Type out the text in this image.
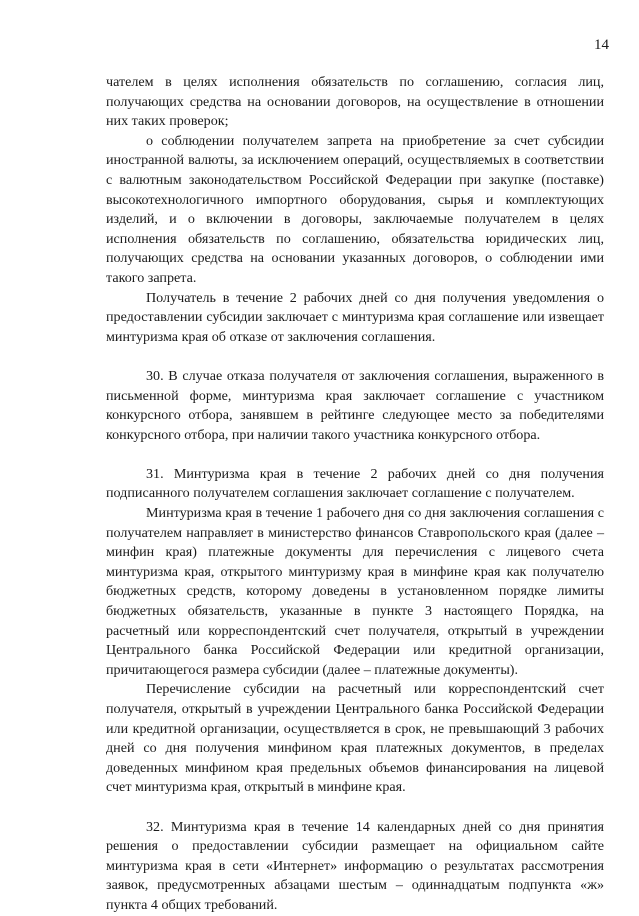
14

чателем в целях исполнения обязательств по соглашению, согласия лиц, получающих средства на основании договоров, на осуществление в отношении них таких проверок;

о соблюдении получателем запрета на приобретение за счет субсидии иностранной валюты, за исключением операций, осуществляемых в соответствии с валютным законодательством Российской Федерации при закупке (поставке) высокотехнологичного импортного оборудования, сырья и комплектующих изделий, и о включении в договоры, заключаемые получателем в целях исполнения обязательств по соглашению, обязательства юридических лиц, получающих средства на основании указанных договоров, о соблюдении ими такого запрета.

Получатель в течение 2 рабочих дней со дня получения уведомления о предоставлении субсидии заключает с минтуризма края соглашение или извещает минтуризма края об отказе от заключения соглашения.

30. В случае отказа получателя от заключения соглашения, выраженного в письменной форме, минтуризма края заключает соглашение с участником конкурсного отбора, занявшем в рейтинге следующее место за победителями конкурсного отбора, при наличии такого участника конкурсного отбора.

31. Минтуризма края в течение 2 рабочих дней со дня получения подписанного получателем соглашения заключает соглашение с получателем.

Минтуризма края в течение 1 рабочего дня со дня заключения соглашения с получателем направляет в министерство финансов Ставропольского края (далее – минфин края) платежные документы для перечисления с лицевого счета минтуризма края, открытого минтуризму края в минфине края как получателю бюджетных средств, которому доведены в установленном порядке лимиты бюджетных обязательств, указанные в пункте 3 настоящего Порядка, на расчетный или корреспондентский счет получателя, открытый в учреждении Центрального банка Российской Федерации или кредитной организации, причитающегося размера субсидии (далее – платежные документы).

Перечисление субсидии на расчетный или корреспондентский счет получателя, открытый в учреждении Центрального банка Российской Федерации или кредитной организации, осуществляется в срок, не превышающий 3 рабочих дней со дня получения минфином края платежных документов, в пределах доведенных минфином края предельных объемов финансирования на лицевой счет минтуризма края, открытый в минфине края.

32. Минтуризма края в течение 14 календарных дней со дня принятия решения о предоставлении субсидии размещает на официальном сайте минтуризма края в сети «Интернет» информацию о результатах рассмотрения заявок, предусмотренных абзацами шестым – одиннадцатым подпункта «ж» пункта 4 общих требований.
